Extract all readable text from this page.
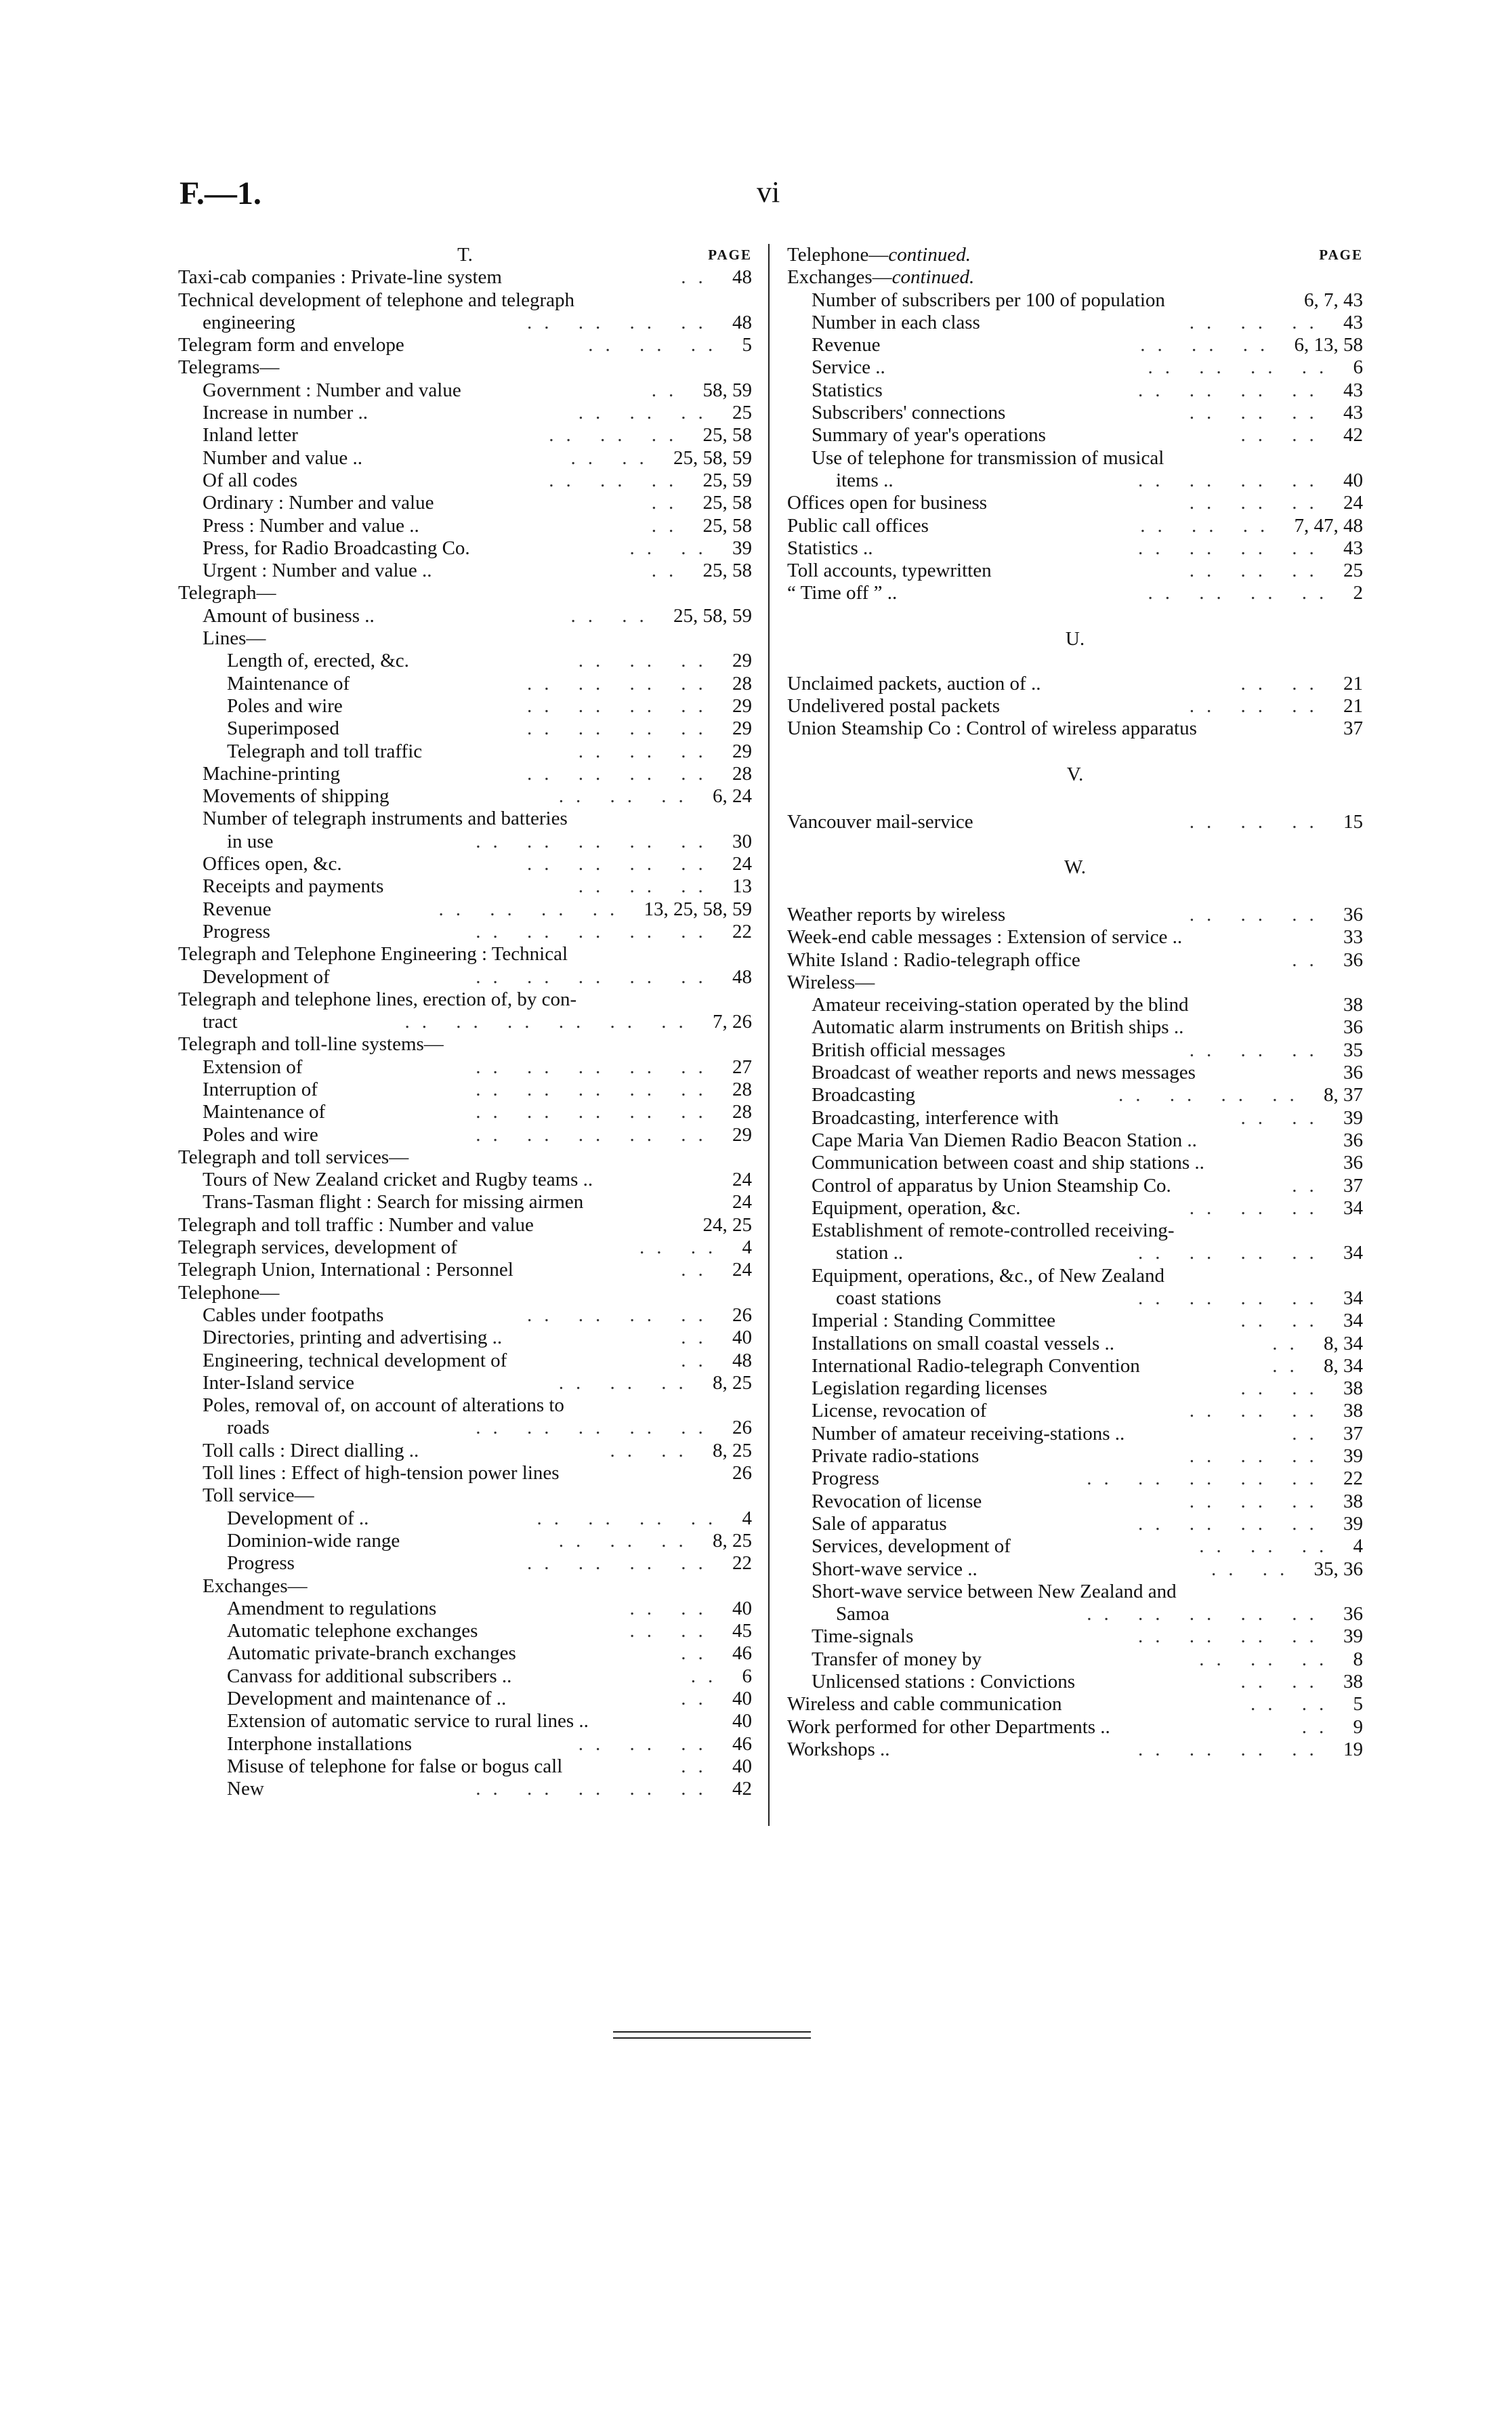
F.—1.	vi
T.	PAGE
Taxi-cab companies : Private-line system	.. 48
Technical development of telephone and telegraph
engineering	.. .. .. .. 48
Telegram form and envelope	.. .. .. 5
Telegrams—
Government : Number and value	.. 58, 59
Increase in number ..	.. .. .. 25
Inland letter	.. .. .. 25, 58
Number and value ..	.. .. 25, 58, 59
Of all codes	.. .. .. 25, 59
Ordinary : Number and value	.. 25, 58
Press : Number and value ..	.. 25, 58
Press, for Radio Broadcasting Co.	.. .. 39
Urgent : Number and value ..	.. 25, 58
Telegraph—
Amount of business ..	.. .. 25, 58, 59
Lines—
Length of, erected, &c.	.. .. .. 29
Maintenance of	.. .. .. .. 28
Poles and wire	.. .. .. .. 29
Superimposed	.. .. .. .. 29
Telegraph and toll traffic	.. .. .. 29
Machine-printing	.. .. .. .. 28
Movements of shipping	.. .. .. 6, 24
Number of telegraph instruments and batteries
in use	.. .. .. .. .. 30
Offices open, &c.	.. .. .. .. 24
Receipts and payments	.. .. .. 13
Revenue	.. .. .. .. 13, 25, 58, 59
Progress	.. .. .. .. .. 22
Telegraph and Telephone Engineering : Technical
Development of	.. .. .. .. .. 48
Telegraph and telephone lines, erection of, by con-
tract	.. .. .. .. .. .. 7, 26
Telegraph and toll-line systems—
Extension of	.. .. .. .. .. 27
Interruption of	.. .. .. .. .. 28
Maintenance of	.. .. .. .. .. 28
Poles and wire	.. .. .. .. .. 29
Telegraph and toll services—
Tours of New Zealand cricket and Rugby teams ..	24
Trans-Tasman flight : Search for missing airmen	24
Telegraph and toll traffic : Number and value	24, 25
Telegraph services, development of	.. .. 4
Telegraph Union, International : Personnel	.. 24
Telephone—
Cables under footpaths	.. .. .. .. 26
Directories, printing and advertising ..	.. 40
Engineering, technical development of	.. 48
Inter-Island service	.. .. .. 8, 25
Poles, removal of, on account of alterations to
roads	.. .. .. .. .. 26
Toll calls : Direct dialling ..	.. .. 8, 25
Toll lines : Effect of high-tension power lines	26
Toll service—
Development of ..	.. .. .. .. 4
Dominion-wide range	.. .. .. 8, 25
Progress	.. .. .. .. 22
Exchanges—
Amendment to regulations	.. .. 40
Automatic telephone exchanges	.. .. 45
Automatic private-branch exchanges	.. 46
Canvass for additional subscribers ..	.. 6
Development and maintenance of ..	.. 40
Extension of automatic service to rural lines ..	40
Interphone installations	.. .. .. 46
Misuse of telephone for false or bogus call	.. 40
New	.. .. .. .. .. 42
Telephone—continued.	PAGE
Exchanges—continued.
Number of subscribers per 100 of population	6, 7, 43
Number in each class	.. .. .. 43
Revenue	.. .. .. 6, 13, 58
Service ..	.. .. .. .. 6
Statistics	.. .. .. .. 43
Subscribers' connections	.. .. .. 43
Summary of year's operations	.. .. 42
Use of telephone for transmission of musical
items ..	.. .. .. .. 40
Offices open for business	.. .. .. 24
Public call offices	.. .. .. 7, 47, 48
Statistics ..	.. .. .. .. 43
Toll accounts, typewritten	.. .. .. 25
“ Time off ” ..	.. .. .. .. 2
U.
Unclaimed packets, auction of ..	.. .. 21
Undelivered postal packets	.. .. .. 21
Union Steamship Co : Control of wireless apparatus	37
V.
Vancouver mail-service	.. .. .. 15
W.
Weather reports by wireless	.. .. .. 36
Week-end cable messages : Extension of service ..	33
White Island : Radio-telegraph office	.. 36
Wireless—
Amateur receiving-station operated by the blind	38
Automatic alarm instruments on British ships ..	36
British official messages	.. .. .. 35
Broadcast of weather reports and news messages	36
Broadcasting	.. .. .. .. 8, 37
Broadcasting, interference with	.. .. 39
Cape Maria Van Diemen Radio Beacon Station ..	36
Communication between coast and ship stations ..	36
Control of apparatus by Union Steamship Co.	.. 37
Equipment, operation, &c.	.. .. .. 34
Establishment of remote-controlled receiving-
station ..	.. .. .. .. 34
Equipment, operations, &c., of New Zealand
coast stations	.. .. .. .. 34
Imperial : Standing Committee	.. .. 34
Installations on small coastal vessels ..	.. 8, 34
International Radio-telegraph Convention	.. 8, 34
Legislation regarding licenses	.. .. 38
License, revocation of	.. .. .. 38
Number of amateur receiving-stations ..	.. 37
Private radio-stations	.. .. .. 39
Progress	.. .. .. .. .. 22
Revocation of license	.. .. .. 38
Sale of apparatus	.. .. .. .. 39
Services, development of	.. .. .. 4
Short-wave service ..	.. .. 35, 36
Short-wave service between New Zealand and
Samoa	.. .. .. .. .. 36
Time-signals	.. .. .. .. 39
Transfer of money by	.. .. .. 8
Unlicensed stations : Convictions	.. .. 38
Wireless and cable communication	.. .. 5
Work performed for other Departments ..	.. 9
Workshops ..	.. .. .. .. 19
